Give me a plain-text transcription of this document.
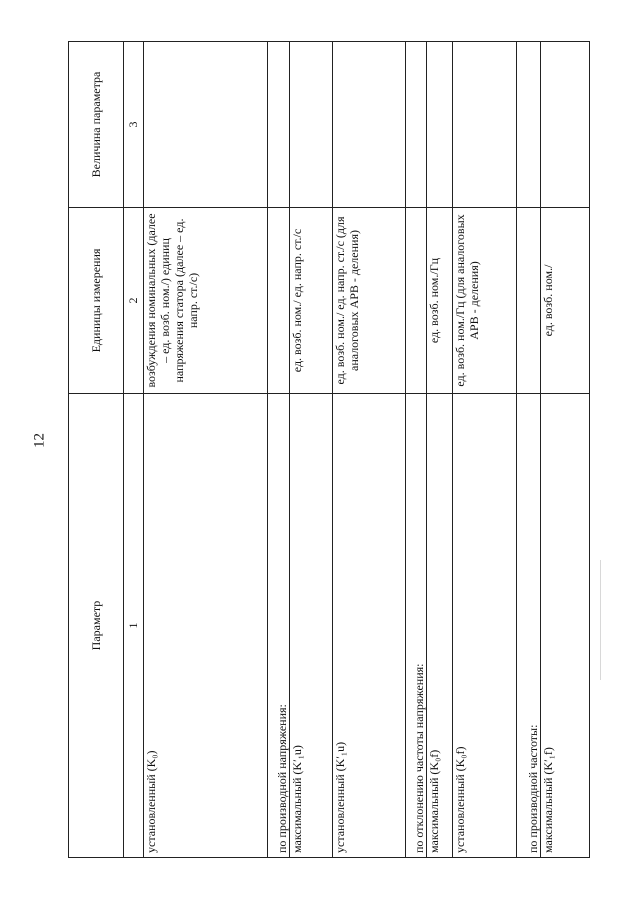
12
Параметр	Единицы измерения	Величина параметра
1	2	3
установленный (K₀)	возбуждения номинальных (далее – ед. возб. ном./) единиц напряжения статора (далее – ед. напр. ст./с)	
по производной напряжения:		
максимальный (K′₁u)	ед. возб. ном./ ед. напр. ст./с	
установленный (K′₁u)	ед. возб. ном./ ед. напр. ст./с (для аналоговых АРВ - деления)	
по отклонению частоты напряжения:		
максимальный (K₀f)	ед. возб. ном./Гц	
установленный (K₀f)	ед. возб. ном./Гц (для аналоговых АРВ - деления)	
по производной частоты:		
максимальный (K′₁f)	ед. возб. ном./	
